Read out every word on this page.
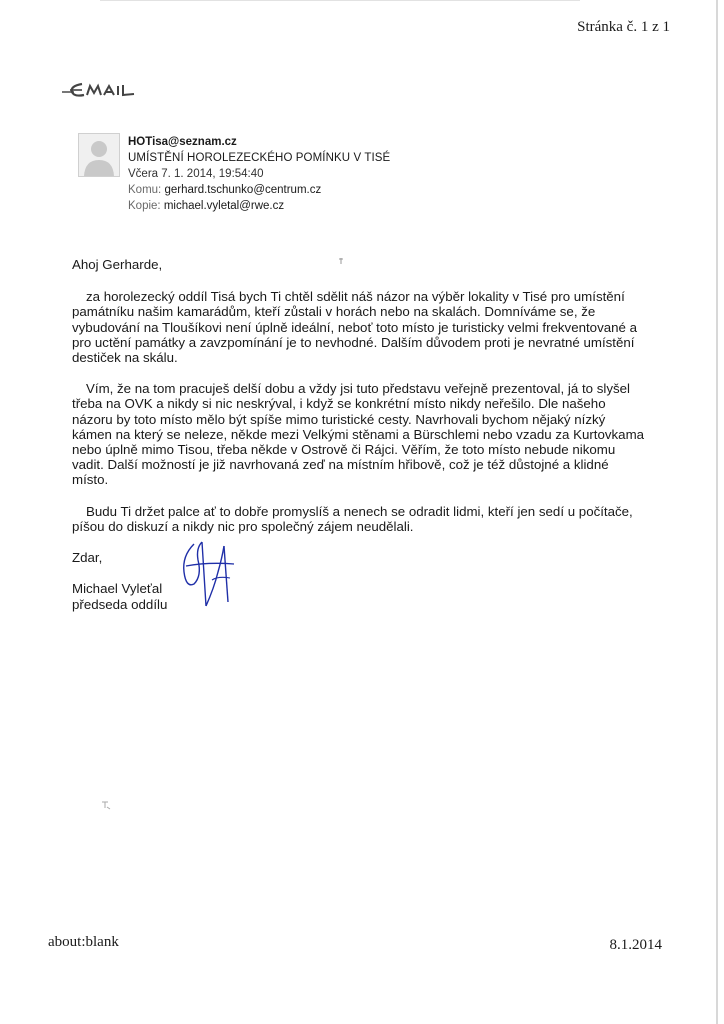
Stránka č. 1 z 1
HOTisa@seznam.cz
UMÍSTĚNÍ HOROLEZECKÉHO POMÍNKU V TISÉ
Včera 7. 1. 2014, 19:54:40
Komu: gerhard.tschunko@centrum.cz
Kopie: michael.vyletal@rwe.cz

Ahoj Gerharde,

za horolezecký oddíl Tisá bych Ti chtěl sdělit náš názor na výběr lokality v Tisé pro umístění památníku našim kamarádům, kteří zůstali v horách nebo na skalách. Domníváme se, že vybudování na Tloušíkovi není úplně ideální, neboť toto místo je turisticky velmi frekventované a pro uctění památky a zavzpomínání je to nevhodné. Dalším důvodem proti je nevratné umístění destiček na skálu.

Vím, že na tom pracuješ delší dobu a vždy jsi tuto představu veřejně prezentoval, já to slyšel třeba na OVK a nikdy si nic neskrýval, i když se konkrétní místo nikdy neřešilo. Dle našeho názoru by toto místo mělo být spíše mimo turistické cesty. Navrhovali bychom nějaký nízký kámen na který se neleze, někde mezi Velkými stěnami a Bürschlemi nebo vzadu za Kurtovkama nebo úplně mimo Tisou, třeba někde v Ostrově či Rájci. Věřím, že toto místo nebude nikomu vadit. Další možností je již navrhovaná zeď na místním hřibově, což je též důstojné a klidné místo.

Budu Ti držet palce ať to dobře promyslíš a nenech se odradit lidmi, kteří jen sedí u počítače, píšou do diskuzí a nikdy nic pro společný zájem neudělali.

Zdar,

Michael Vyleťal
předseda oddílu
about:blank	8.1.2014
